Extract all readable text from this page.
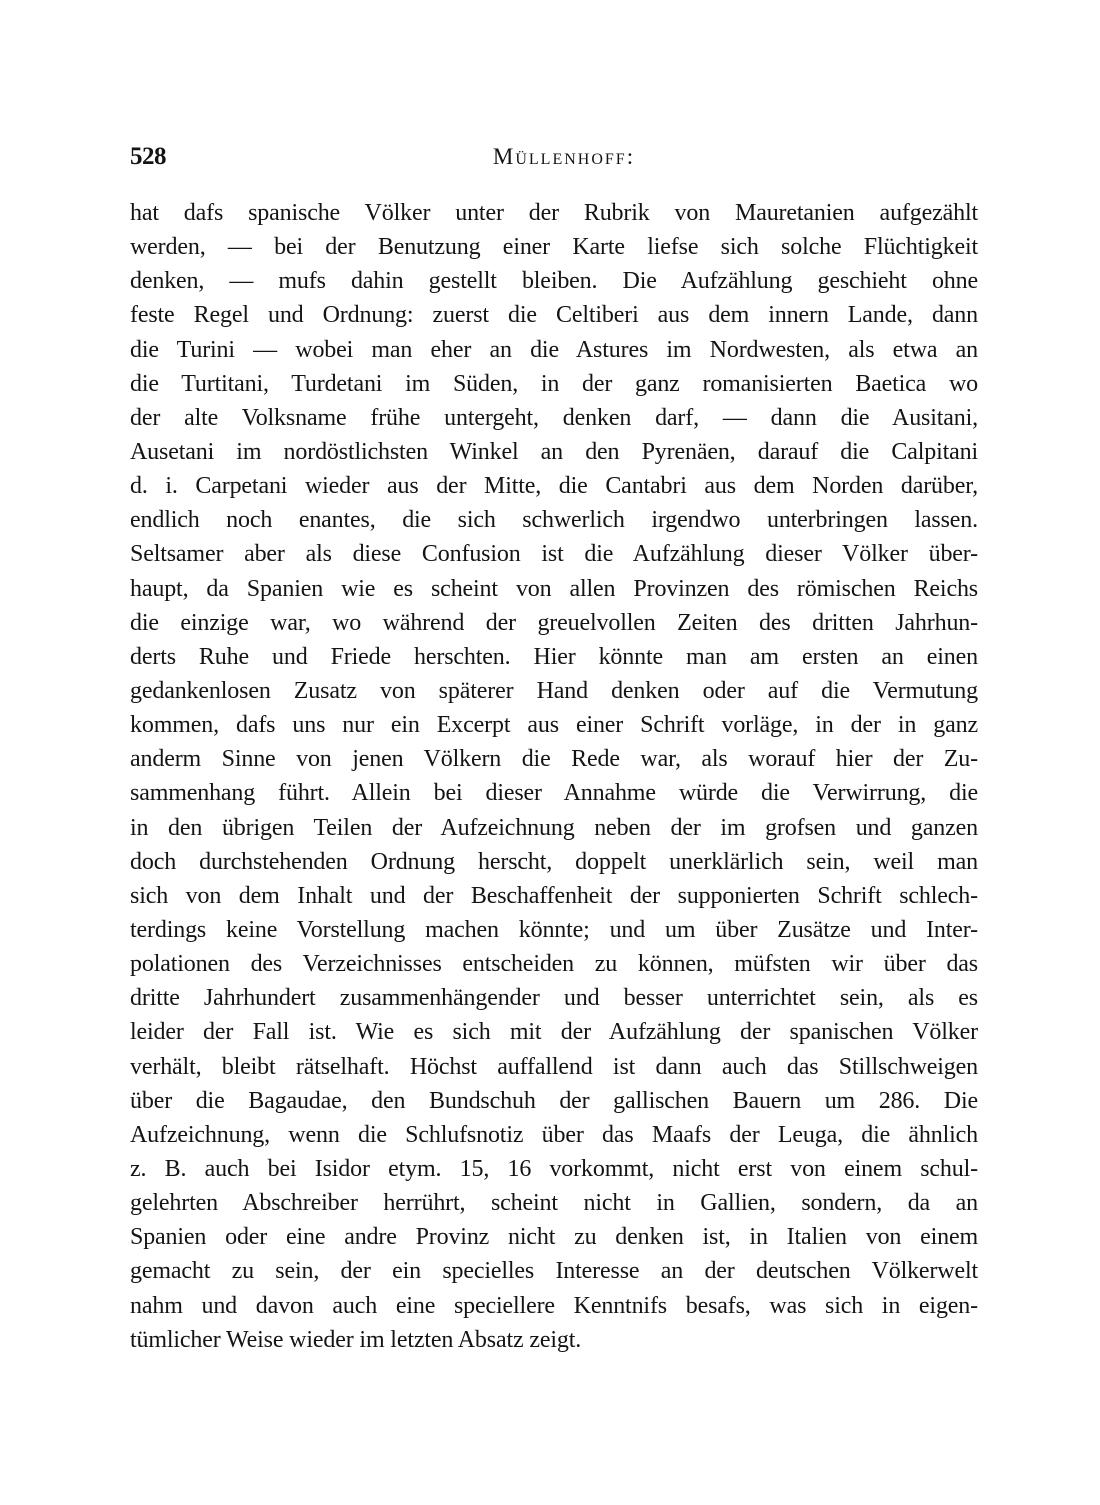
528	Müllenhoff:
hat dafs spanische Völker unter der Rubrik von Mauretanien aufgezählt
werden, — bei der Benutzung einer Karte liefse sich solche Flüchtigkeit
denken, — mufs dahin gestellt bleiben. Die Aufzählung geschieht ohne
feste Regel und Ordnung: zuerst die Celtiberi aus dem innern Lande, dann
die Turini — wobei man eher an die Astures im Nordwesten, als etwa an
die Turtitani, Turdetani im Süden, in der ganz romanisierten Baetica wo
der alte Volksname frühe untergeht, denken darf, — dann die Ausitani,
Ausetani im nordöstlichsten Winkel an den Pyrenäen, darauf die Calpitani
d. i. Carpetani wieder aus der Mitte, die Cantabri aus dem Norden darüber,
endlich noch enantes, die sich schwerlich irgendwo unterbringen lassen.
Seltsamer aber als diese Confusion ist die Aufzählung dieser Völker über-
haupt, da Spanien wie es scheint von allen Provinzen des römischen Reichs
die einzige war, wo während der greuelvollen Zeiten des dritten Jahrhun-
derts Ruhe und Friede herschten. Hier könnte man am ersten an einen
gedankenlosen Zusatz von späterer Hand denken oder auf die Vermutung
kommen, dafs uns nur ein Excerpt aus einer Schrift vorläge, in der in ganz
anderm Sinne von jenen Völkern die Rede war, als worauf hier der Zu-
sammenhang führt. Allein bei dieser Annahme würde die Verwirrung, die
in den übrigen Teilen der Aufzeichnung neben der im grofsen und ganzen
doch durchstehenden Ordnung herscht, doppelt unerklärlich sein, weil man
sich von dem Inhalt und der Beschaffenheit der supponierten Schrift schlech-
terdings keine Vorstellung machen könnte; und um über Zusätze und Inter-
polationen des Verzeichnisses entscheiden zu können, müfsten wir über das
dritte Jahrhundert zusammenhängender und besser unterrichtet sein, als es
leider der Fall ist. Wie es sich mit der Aufzählung der spanischen Völker
verhält, bleibt rätselhaft. Höchst auffallend ist dann auch das Stillschweigen
über die Bagaudae, den Bundschuh der gallischen Bauern um 286. Die
Aufzeichnung, wenn die Schlufsnotiz über das Maafs der Leuga, die ähnlich
z. B. auch bei Isidor etym. 15, 16 vorkommt, nicht erst von einem schul-
gelehrten Abschreiber herrührt, scheint nicht in Gallien, sondern, da an
Spanien oder eine andre Provinz nicht zu denken ist, in Italien von einem
gemacht zu sein, der ein specielles Interesse an der deutschen Völkerwelt
nahm und davon auch eine speciellere Kenntnifs besafs, was sich in eigen-
tümlicher Weise wieder im letzten Absatz zeigt.
